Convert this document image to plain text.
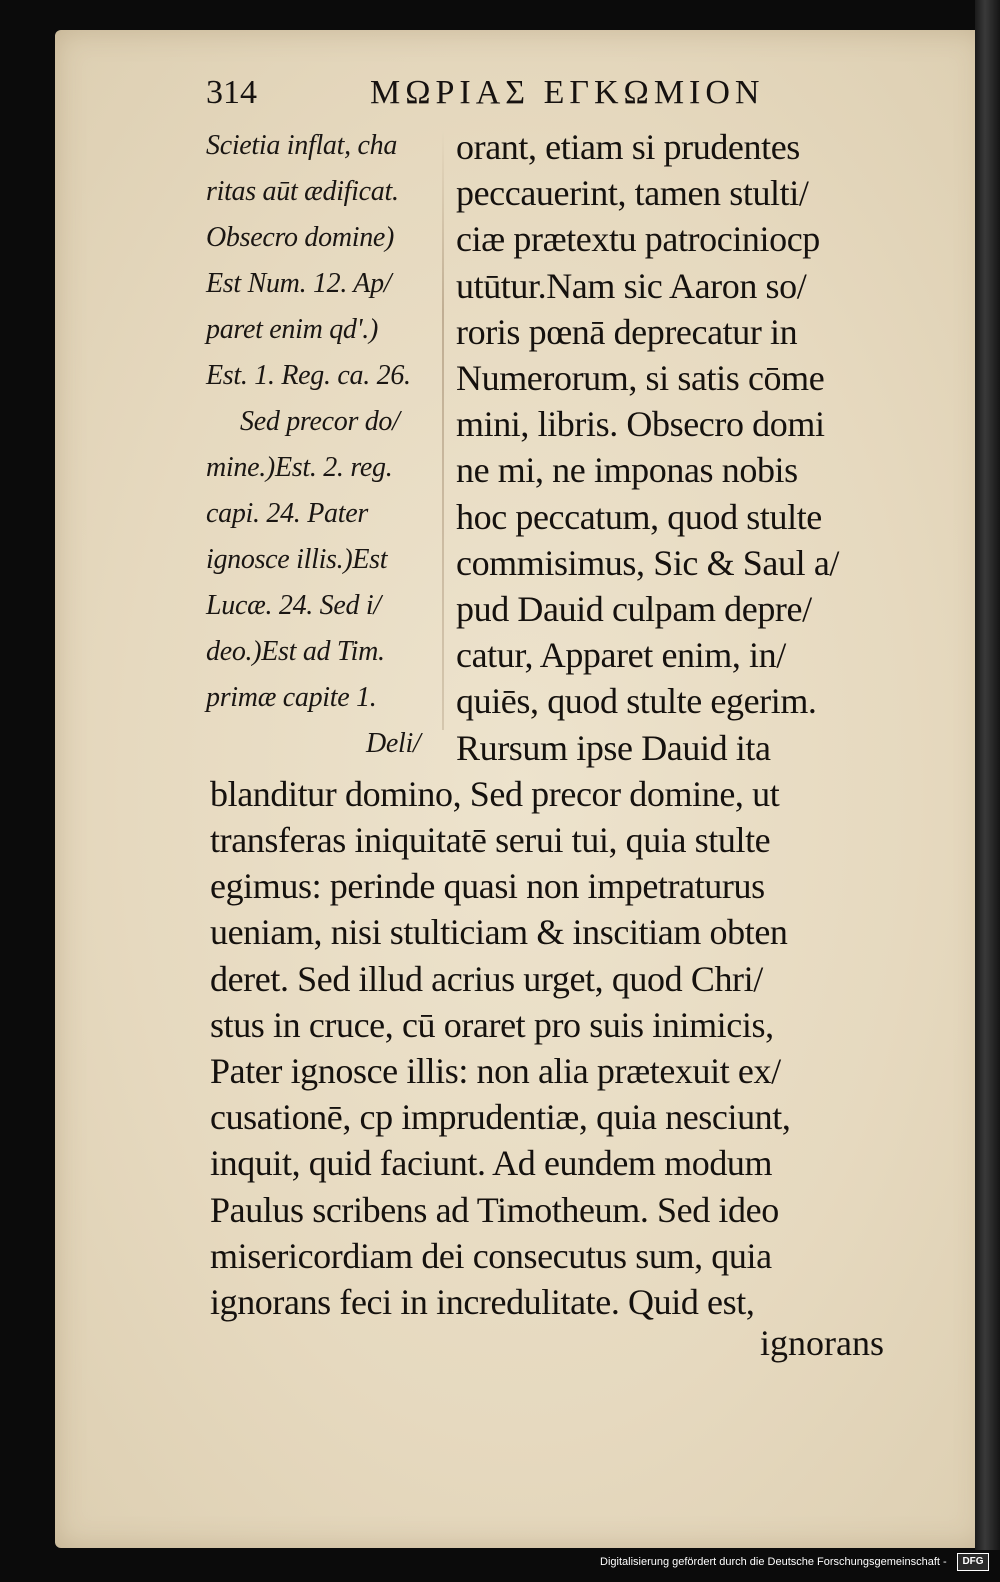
314	ΜΩΡΙΑΣ ΕΓΚΩΜΙΟΝ
Scietia inflat, cha
ritas aūt ædificat.
Obsecro domine)
Est Num. 12. Ap/
paret enim qd'.)
Est. 1. Reg. ca. 26.
Sed precor do/
mine.)Est. 2. reg.
capi. 24. Pater
ignosce illis.)Est
Lucæ. 24. Sed i/
deo.)Est ad Tim.
primæ capite 1.
Deli/
orant, etiam si prudentes
peccauerint, tamen stulti/
ciæ prætextu patrociniocp
utūtur.Nam sic Aaron so/
roris pœnā deprecatur in
Numerorum, si satis cōme
mini, libris. Obsecro domi
ne mi, ne imponas nobis
hoc peccatum, quod stulte
commisimus, Sic & Saul a/
pud Dauid culpam depre/
catur, Apparet enim, in/
quiēs, quod stulte egerim.
Rursum ipse Dauid ita
blanditur domino, Sed precor domine, ut
transferas iniquitatē serui tui, quia stulte
egimus: perinde quasi non impetraturus
ueniam, nisi stulticiam & inscitiam obten
deret. Sed illud acrius urget, quod Chri/
stus in cruce, cū oraret pro suis inimicis,
Pater ignosce illis: non alia prætexuit ex/
cusationē, cp imprudentiæ, quia nesciunt,
inquit, quid faciunt. Ad eundem modum
Paulus scribens ad Timotheum. Sed ideo
misericordiam dei consecutus sum, quia
ignorans feci in incredulitate. Quid est,
ignorans
Digitalisierung gefördert durch die Deutsche Forschungsgemeinschaft -	DFG
